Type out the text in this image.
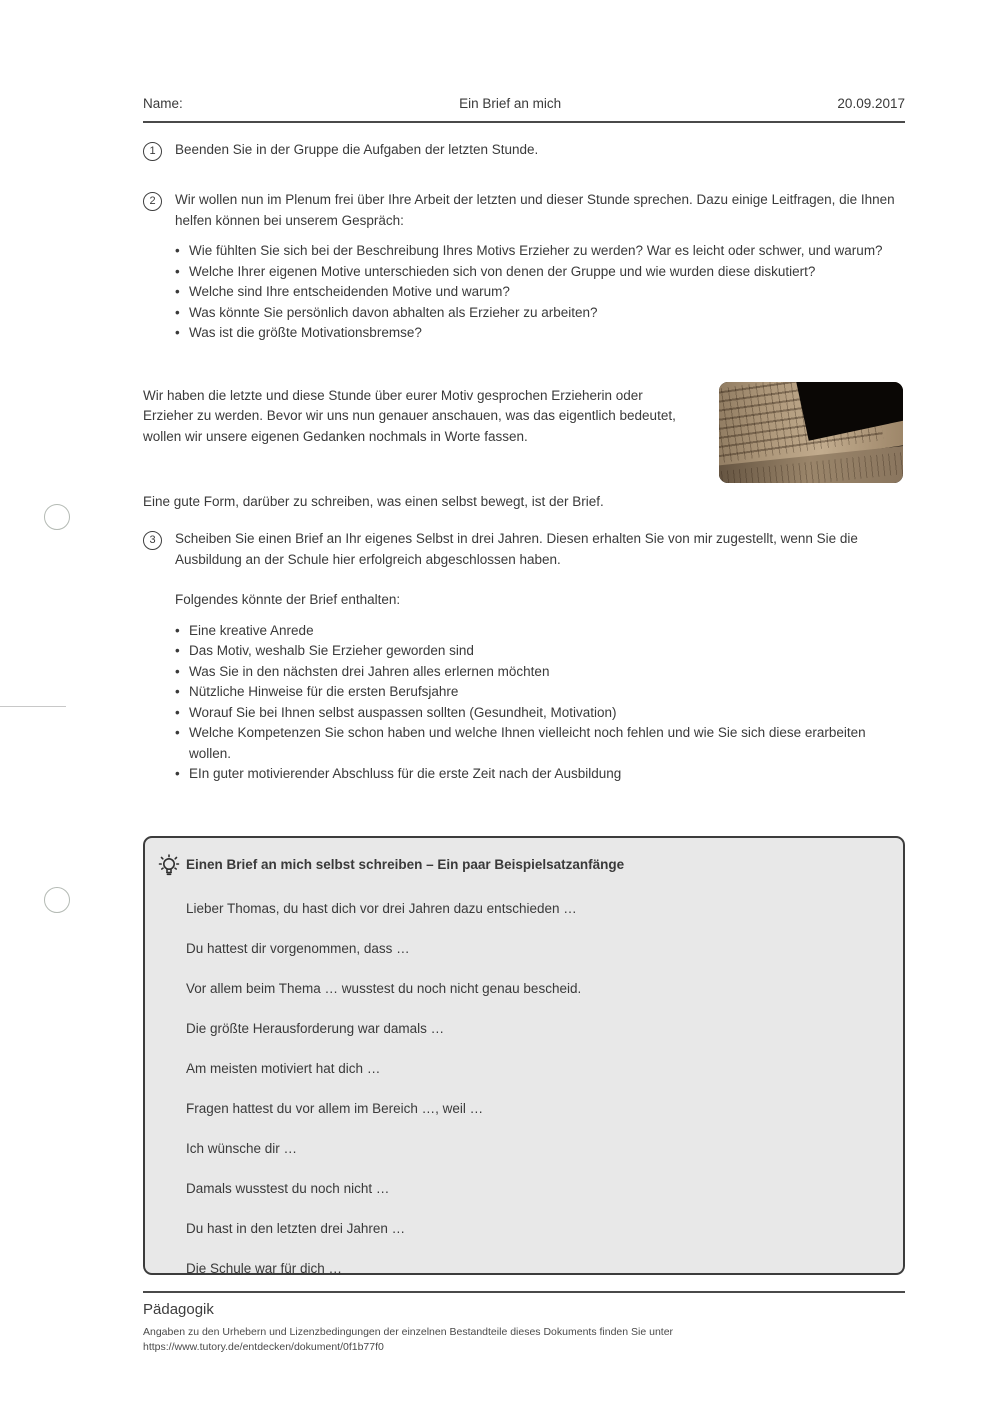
Name:	Ein Brief an mich	20.09.2017
1	Beenden Sie in der Gruppe die Aufgaben der letzten Stunde.
2	Wir wollen nun im Plenum frei über Ihre Arbeit der letzten und dieser Stunde sprechen. Dazu einige Leitfragen, die Ihnen helfen können bei unserem Gespräch:
• Wie fühlten Sie sich bei der Beschreibung Ihres Motivs Erzieher zu werden? War es leicht oder schwer, und warum?
• Welche Ihrer eigenen Motive unterschieden sich von denen der Gruppe und wie wurden diese diskutiert?
• Welche sind Ihre entscheidenden Motive und warum?
• Was könnte Sie persönlich davon abhalten als Erzieher zu arbeiten?
• Was ist die größte Motivationsbremse?
Wir haben die letzte und diese Stunde über eurer Motiv gesprochen Erzieherin oder Erzieher zu werden. Bevor wir uns nun genauer anschauen, was das eigentlich bedeutet, wollen wir unsere eigenen Gedanken nochmals in Worte fassen.
Eine gute Form, darüber zu schreiben, was einen selbst bewegt, ist der Brief.
3	Scheiben Sie einen Brief an Ihr eigenes Selbst in drei Jahren. Diesen erhalten Sie von mir zugestellt, wenn Sie die Ausbildung an der Schule hier erfolgreich abgeschlossen haben.
Folgendes könnte der Brief enthalten:
• Eine kreative Anrede
• Das Motiv, weshalb Sie Erzieher geworden sind
• Was Sie in den nächsten drei Jahren alles erlernen möchten
• Nützliche Hinweise für die ersten Berufsjahre
• Worauf Sie bei Ihnen selbst auspassen sollten (Gesundheit, Motivation)
• Welche Kompetenzen Sie schon haben und welche Ihnen vielleicht noch fehlen und wie Sie sich diese erarbeiten wollen.
• EIn guter motivierender Abschluss für die erste Zeit nach der Ausbildung
Einen Brief an mich selbst schreiben – Ein paar Beispielsatzanfänge
Lieber Thomas, du hast dich vor drei Jahren dazu entschieden …
Du hattest dir vorgenommen, dass …
Vor allem beim Thema … wusstest du noch nicht genau bescheid.
Die größte Herausforderung war damals …
Am meisten motiviert hat dich …
Fragen hattest du vor allem im Bereich …, weil …
Ich wünsche dir …
Damals wusstest du noch nicht …
Du hast in den letzten drei Jahren …
Die Schule war für dich …
Pädagogik
Angaben zu den Urhebern und Lizenzbedingungen der einzelnen Bestandteile dieses Dokuments finden Sie unter
https://www.tutory.de/entdecken/dokument/0f1b77f0
